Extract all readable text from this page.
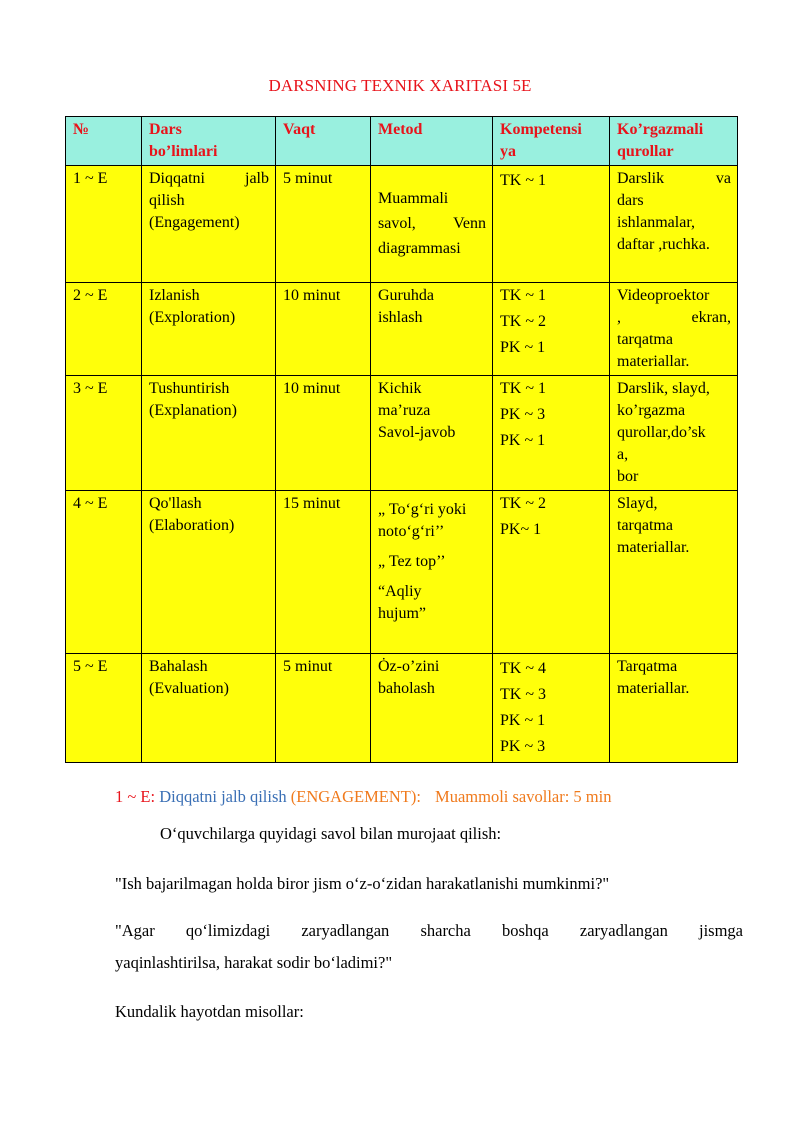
DARSNING TEXNIK XARITASI 5E
№	Dars
bo’limlari	Vaqt	Metod	Kompetensi
ya	Ko’rgazmali
qurollar

1 ~ E	Diqqatni jalb
qilish
(Engagement)	5 minut	Muammali
savol, Venn
diagrammasi	TK ~ 1	Darslik va
dars
ishlanmalar,
daftar ,ruchka.

2 ~ E	Izlanish
(Exploration)	10 minut	Guruhda
ishlash	TK ~ 1
TK ~ 2
PK ~ 1	Videoproektor
, ekran,
tarqatma
materiallar.

3 ~ E	Tushuntirish
(Explanation)	10 minut	Kichik
ma’ruza
Savol-javob	TK ~ 1
PK ~ 3
PK ~ 1	Darslik, slayd,
ko’rgazma
qurollar,do’sk
a,
bor

4 ~ E	Qo'llash
(Elaboration)	15 minut	„ To‘g‘ri yoki
noto‘g‘ri’’
„ Tez top’’
“Aqliy
hujum”	TK ~ 2
PK~ 1	Slayd,
tarqatma
materiallar.

5 ~ E	Bahalash
(Evaluation)	5 minut	Ȯz-o’zini
baholash	TK ~ 4
TK ~ 3
PK ~ 1
PK ~ 3	Tarqatma
materiallar.
1 ~ E: Diqqatni jalb qilish (ENGAGEMENT): Muammoli savollar: 5 min
O‘quvchilarga quyidagi savol bilan murojaat qilish:
"Ish bajarilmagan holda biror jism o‘z-o‘zidan harakatlanishi mumkinmi?"
"Agar qo‘limizdagi zaryadlangan sharcha boshqa zaryadlangan jismga
yaqinlashtirilsa, harakat sodir bo‘ladimi?"
Kundalik hayotdan misollar:
